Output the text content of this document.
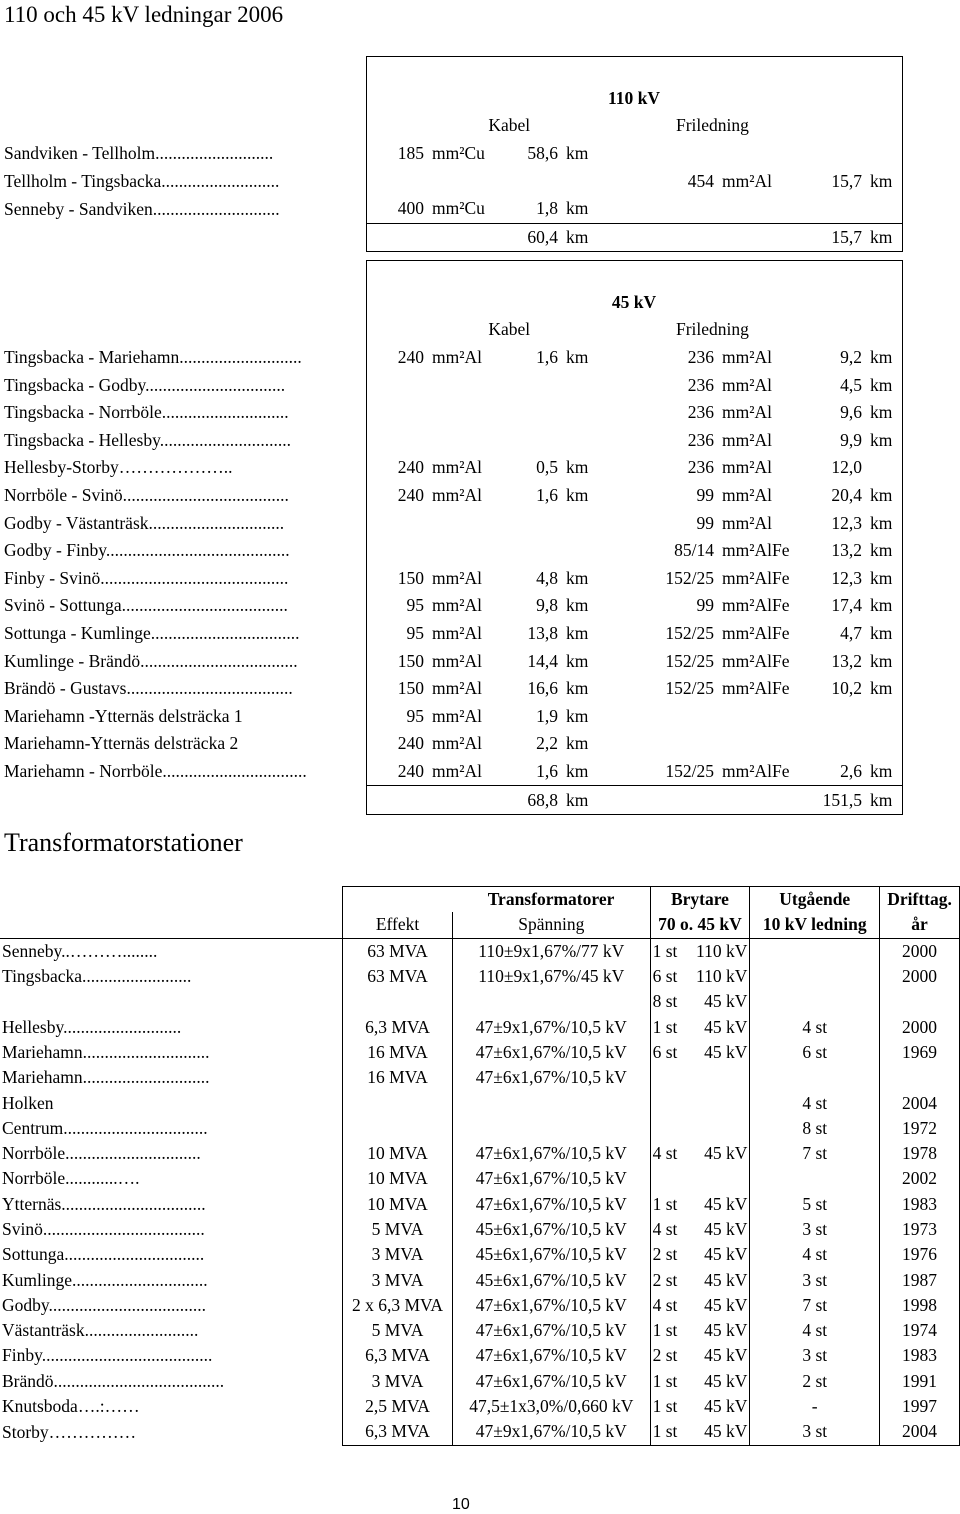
110 och 45 kV ledningar 2006

	110 kV							
	Kabel				Friledning			
Sandviken - Tellholm...........................	185	mm²Cu	58,6	km				
Tellholm - Tingsbacka...........................					454	mm²Al	15,7	km
Senneby - Sandviken.............................	400	mm²Cu	1,8	km				
			60,4	km			15,7	km

	45 kV							
	Kabel				Friledning			
Tingsbacka - Mariehamn............................	240	mm²Al	1,6	km	236	mm²Al	9,2	km
Tingsbacka - Godby................................					236	mm²Al	4,5	km
Tingsbacka - Norrböle.............................					236	mm²Al	9,6	km
Tingsbacka - Hellesby..............................					236	mm²Al	9,9	km
Hellesby-Storby………………..	240	mm²Al	0,5	km	236	mm²Al	12,0	
Norrböle - Svinö......................................	240	mm²Al	1,6	km	99	mm²Al	20,4	km
Godby - Västanträsk...............................					99	mm²Al	12,3	km
Godby - Finby..........................................					85/14	mm²AlFe	13,2	km
Finby - Svinö...........................................	150	mm²Al	4,8	km	152/25	mm²AlFe	12,3	km
Svinö - Sottunga......................................	95	mm²Al	9,8	km	99	mm²AlFe	17,4	km
Sottunga - Kumlinge..................................	95	mm²Al	13,8	km	152/25	mm²AlFe	4,7	km
Kumlinge - Brändö....................................	150	mm²Al	14,4	km	152/25	mm²AlFe	13,2	km
Brändö - Gustavs......................................	150	mm²Al	16,6	km	152/25	mm²AlFe	10,2	km
Mariehamn -Ytternäs delsträcka 1	95	mm²Al	1,9	km				
Mariehamn-Ytternäs delsträcka 2	240	mm²Al	2,2	km				
Mariehamn - Norrböle.................................	240	mm²Al	1,6	km	152/25	mm²AlFe	2,6	km
			68,8	km			151,5	km
Transformatorstationer
		Transformatorer	Brytare		Utgående	Drifttag.
	Effekt	Spänning	70 o. 45 kV		10 kV ledning	år
Senneby..………........	63 MVA	110±9x1,67%/77 kV	1 st	110 kV		2000
Tingsbacka.........................	63 MVA	110±9x1,67%/45 kV	6 st	110 kV		2000
			8 st	45 kV		
Hellesby...........................	6,3 MVA	47±9x1,67%/10,5 kV	1 st	45 kV	4 st	2000
Mariehamn.............................	16 MVA	47±6x1,67%/10,5 kV	6 st	45 kV	6 st	1969
Mariehamn.............................	16 MVA	47±6x1,67%/10,5 kV				
Holken					4 st	2004
Centrum.................................					8 st	1972
Norrböle...............................	10 MVA	47±6x1,67%/10,5 kV	4 st	45 kV	7 st	1978
Norrböle............….	10 MVA	47±6x1,67%/10,5 kV				2002
Ytternäs.................................	10 MVA	47±6x1,67%/10,5 kV	1 st	45 kV	5 st	1983
Svinö.....................................	5 MVA	45±6x1,67%/10,5 kV	4 st	45 kV	3 st	1973
Sottunga................................	3 MVA	45±6x1,67%/10,5 kV	2 st	45 kV	4 st	1976
Kumlinge...............................	3 MVA	45±6x1,67%/10,5 kV	2 st	45 kV	3 st	1987
Godby....................................	2 x 6,3 MVA	47±6x1,67%/10,5 kV	4 st	45 kV	7 st	1998
Västanträsk..........................	5 MVA	47±6x1,67%/10,5 kV	1 st	45 kV	4 st	1974
Finby.......................................	6,3 MVA	47±6x1,67%/10,5 kV	2 st	45 kV	3 st	1983
Brändö.......................................	3 MVA	47±6x1,67%/10,5 kV	1 st	45 kV	2 st	1991
Knutsboda….:……	2,5 MVA	47,5±1x3,0%/0,660 kV	1 st	45 kV	-	1997
Storby……………	6,3 MVA	47±9x1,67%/10,5 kV	1 st	45 kV	3 st	2004
10
